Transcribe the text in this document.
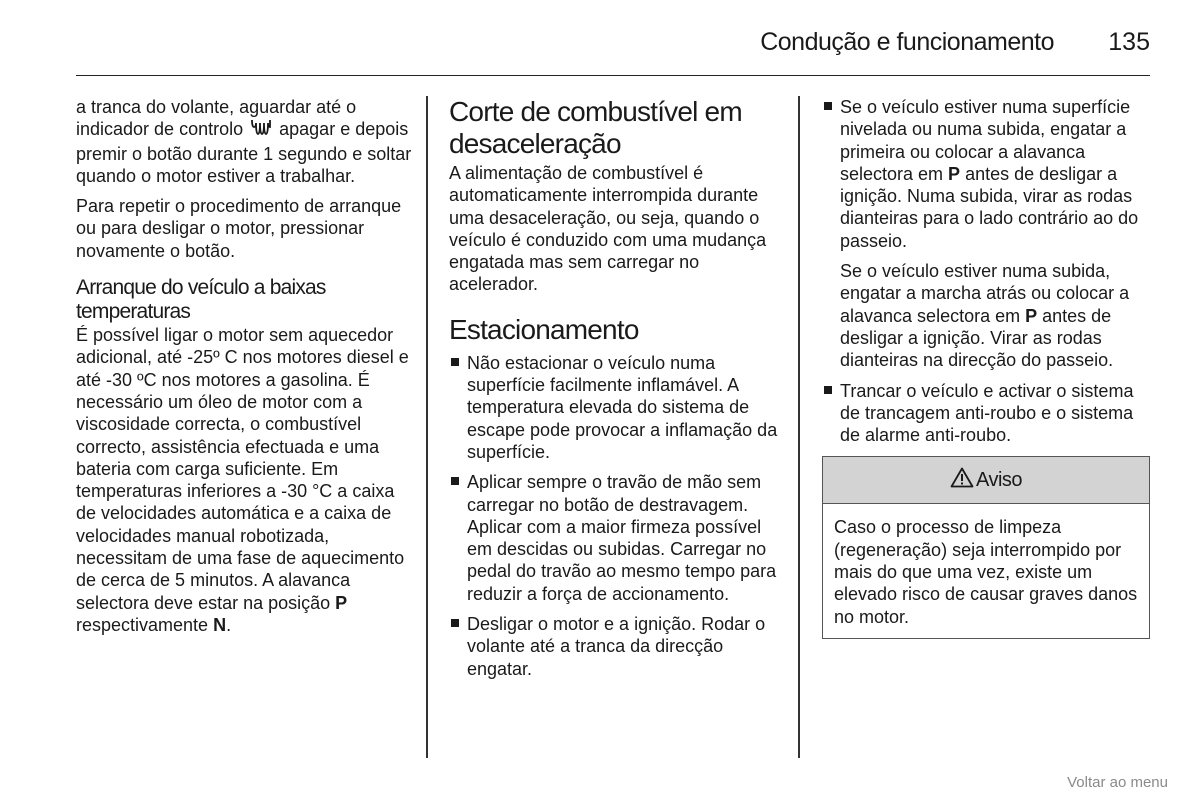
Condução e funcionamento 135

a tranca do volante, aguardar até o indicador de controlo apagar e depois premir o botão durante 1 segundo e soltar quando o motor estiver a trabalhar.

Para repetir o procedimento de arranque ou para desligar o motor, pressionar novamente o botão.

Arranque do veículo a baixas temperaturas

É possível ligar o motor sem aquecedor adicional, até -25º C nos motores diesel e até -30 ºC nos motores a gasolina. É necessário um óleo de motor com a viscosidade correcta, o combustível correcto, assistência efectuada e uma bateria com carga suficiente. Em temperaturas inferiores a -30 °C a caixa de velocidades automática e a caixa de velocidades manual robotizada, necessitam de uma fase de aquecimento de cerca de 5 minutos. A alavanca selectora deve estar na posição P respectivamente N.

Corte de combustível em desaceleração

A alimentação de combustível é automaticamente interrompida durante uma desaceleração, ou seja, quando o veículo é conduzido com uma mudança engatada mas sem carregar no acelerador.

Estacionamento
Não estacionar o veículo numa superfície facilmente inflamável. A temperatura elevada do sistema de escape pode provocar a inflamação da superfície.
Aplicar sempre o travão de mão sem carregar no botão de destravagem. Aplicar com a maior firmeza possível em descidas ou subidas. Carregar no pedal do travão ao mesmo tempo para reduzir a força de accionamento.
Desligar o motor e a ignição. Rodar o volante até a tranca da direcção engatar.
Se o veículo estiver numa superfície nivelada ou numa subida, engatar a primeira ou colocar a alavanca selectora em P antes de desligar a ignição. Numa subida, virar as rodas dianteiras para o lado contrário ao do passeio.

Se o veículo estiver numa subida, engatar a marcha atrás ou colocar a alavanca selectora em P antes de desligar a ignição. Virar as rodas dianteiras na direcção do passeio.

Trancar o veículo e activar o sistema de trancagem anti-roubo e o sistema de alarme anti-roubo.
Aviso
Caso o processo de limpeza (regeneração) seja interrompido por mais do que uma vez, existe um elevado risco de causar graves danos no motor.
Voltar ao menu
